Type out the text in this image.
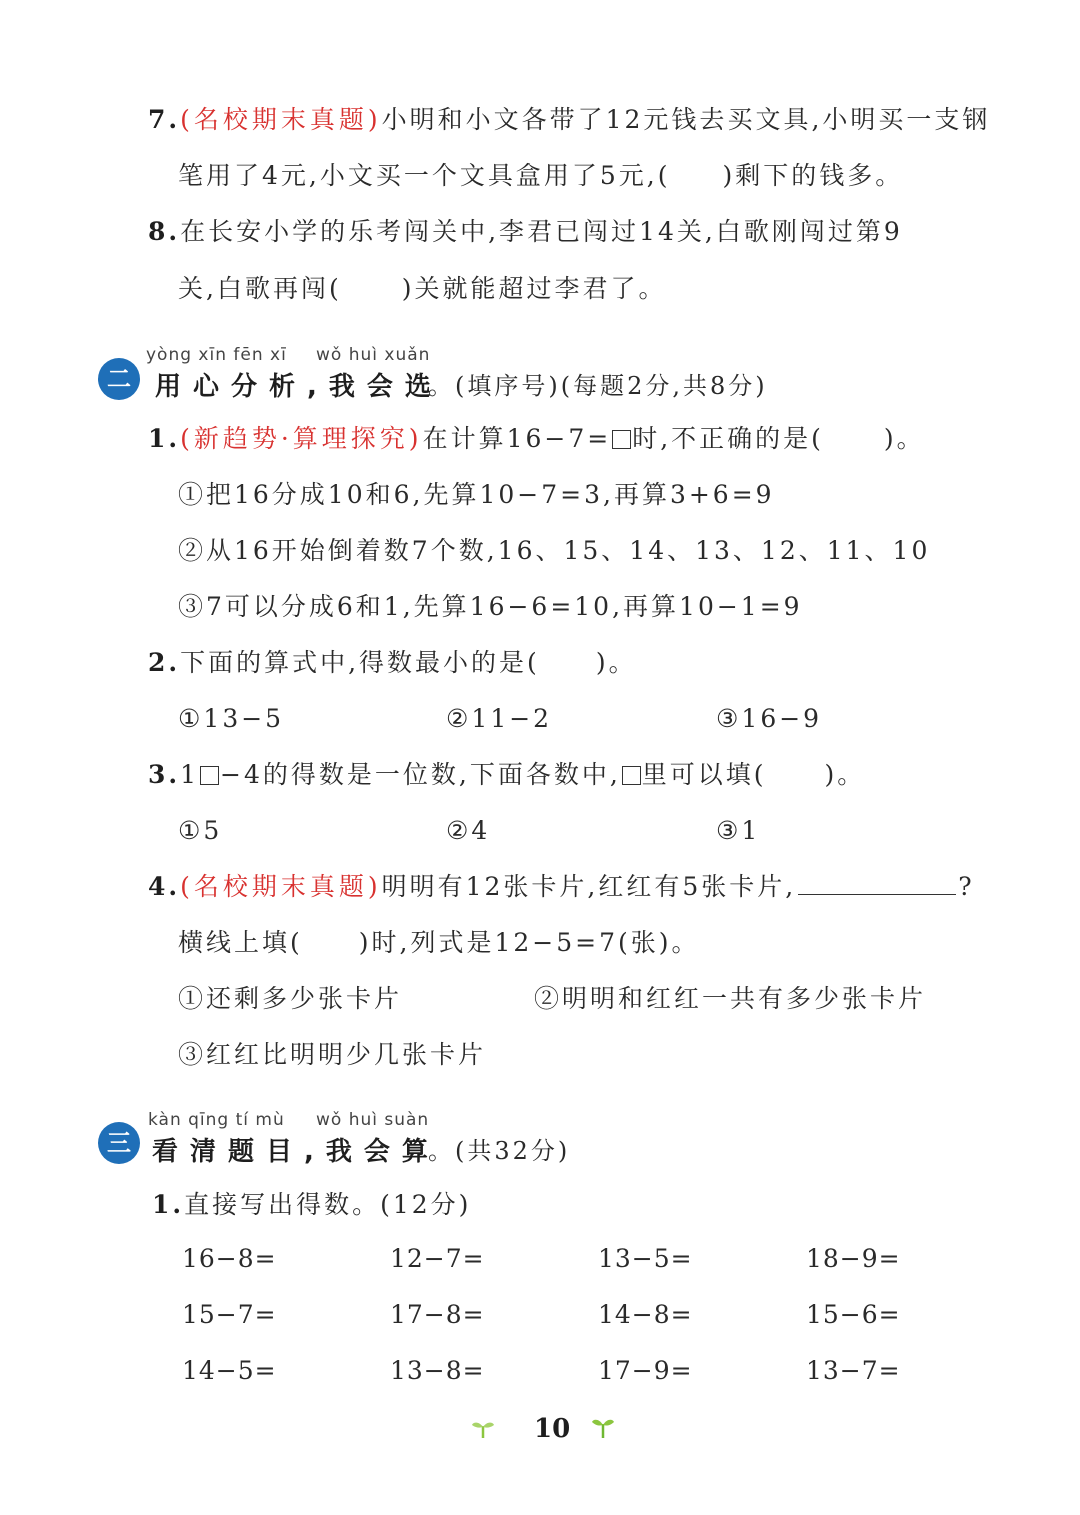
7.(名校期末真题)小明和小文各带了12元钱去买文具,小明买一支钢
笔用了4元,小文买一个文具盒用了5元,( )剩下的钱多。
8.在长安小学的乐考闯关中,李君已闯过14关,白歌刚闯过第9
关,白歌再闯( )关就能超过李君了。
二
yòng xīn fēn xī wǒ huì xuǎn
用心分析,我会选
。(填序号)(每题2分,共8分)
1.(新趋势·算理探究)在计算16−7= 时,不正确的是( )。
①把16分成10和6,先算10−7=3,再算3+6=9
②从16开始倒着数7个数,16、15、14、13、12、11、10
③7可以分成6和1,先算16−6=10,再算10−1=9
2.下面的算式中,得数最小的是( )。
①13−5	②11−2	③16−9
3.1 −4的得数是一位数,下面各数中, 里可以填( )。
①5	②4	③1
4.(名校期末真题)明明有12张卡片,红红有5张卡片,	?
横线上填( )时,列式是12−5=7(张)。
①还剩多少张卡片	②明明和红红一共有多少张卡片
③红红比明明少几张卡片
三
kàn qīng tí mù wǒ huì suàn
看清题目,我会算
。(共32分)
1.直接写出得数。(12分)
16−8=	12−7=	13−5=	18−9=
15−7=	17−8=	14−8=	15−6=
14−5=	13−8=	17−9=	13−7=
10
